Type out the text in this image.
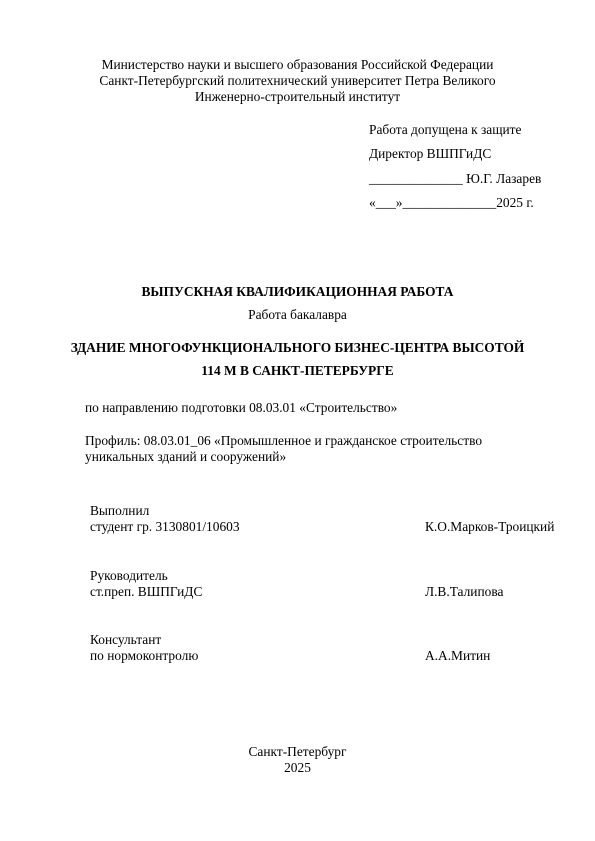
Министерство науки и высшего образования Российской Федерации
Санкт-Петербургский политехнический университет Петра Великого
Инженерно-строительный институт
Работа допущена к защите
Директор ВШПГиДС
______________ Ю.Г. Лазарев
«___»______________2025 г.
ВЫПУСКНАЯ КВАЛИФИКАЦИОННАЯ РАБОТА
Работа бакалавра
ЗДАНИЕ МНОГОФУНКЦИОНАЛЬНОГО БИЗНЕС-ЦЕНТРА ВЫСОТОЙ
114 М В САНКТ-ПЕТЕРБУРГЕ
по направлению подготовки 08.03.01 «Строительство»
Профиль: 08.03.01_06 «Промышленное и гражданское строительство
уникальных зданий и сооружений»
Выполнил
студент гр. 3130801/10603	К.О.Марков-Троицкий
Руководитель
ст.преп. ВШПГиДС	Л.В.Талипова
Консультант
по нормоконтролю	А.А.Митин
Санкт-Петербург
2025
